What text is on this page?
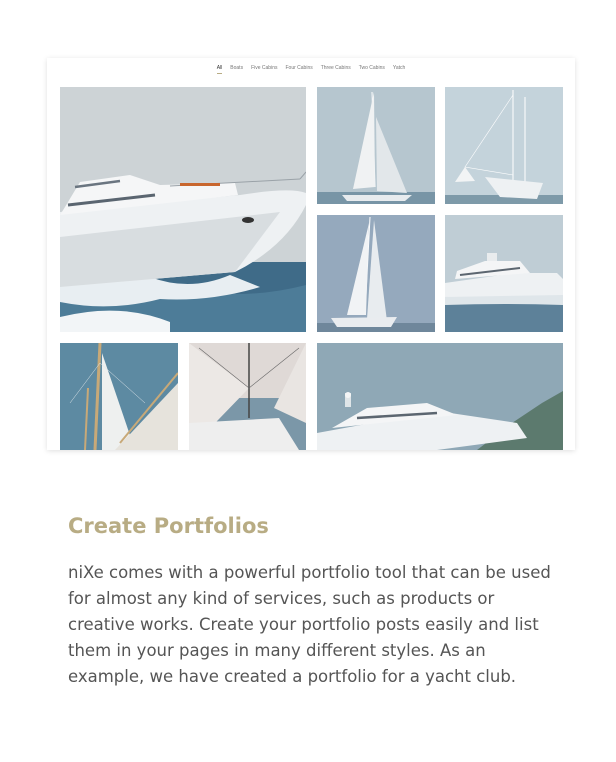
All Boats Five Cabins Four Cabins Three Cabins Two Cabins Yatch
Create Portfolios

niXe comes with a powerful portfolio tool that can be used for almost any kind of services, such as products or creative works. Create your portfolio posts easily and list them in your pages in many different styles. As an example, we have created a portfolio for a yacht club.
